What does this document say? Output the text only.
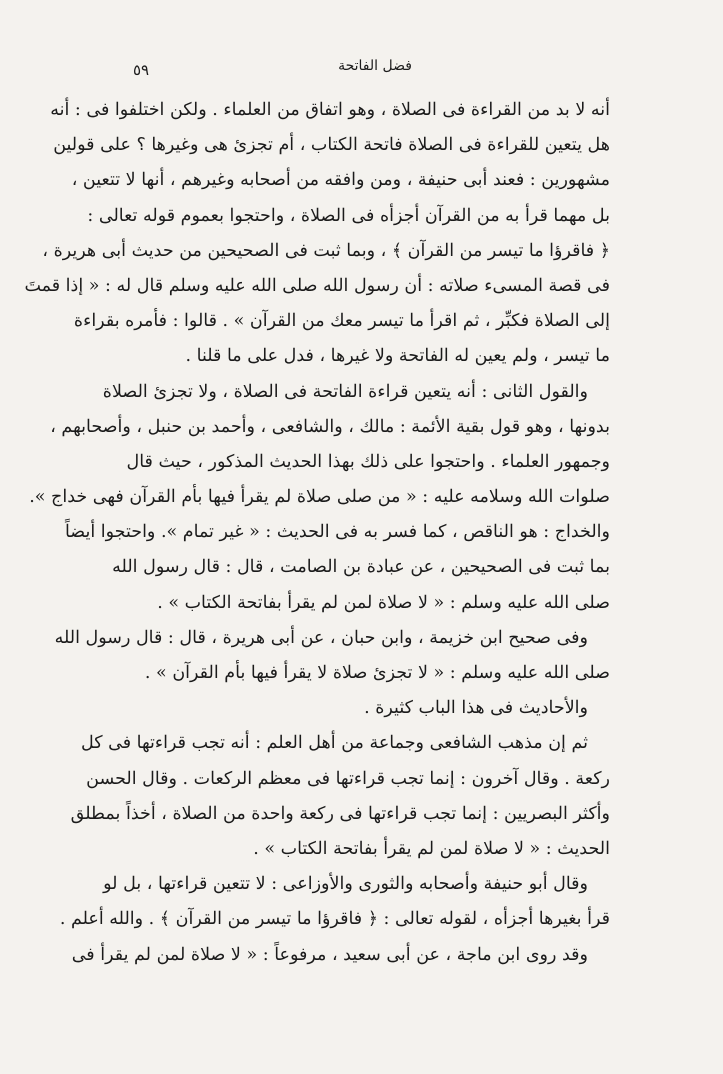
فضل الفاتحة
٥٩
أنه لا بد من القراءة فى الصلاة ، وهو اتفاق من العلماء . ولكن اختلفوا فى : أنه
هل يتعين للقراءة فى الصلاة فاتحة الكتاب ، أم تجزئ هى وغيرها ؟ على قولين
مشهورين : فعند أبى حنيفة ، ومن وافقه من أصحابه وغيرهم ، أنها لا تتعين ،
بل مهما قرأ به من القرآن أجزأه فى الصلاة ، واحتجوا بعموم قوله تعالى :
﴿ فاقرؤا ما تيسر من القرآن ﴾ ، وبما ثبت فى الصحيحين من حديث أبى هريرة ،
فى قصة المسىء صلاته : أن رسول الله صلى الله عليه وسلم قال له : « إذا قمتَ
إلى الصلاة فكبِّر ، ثم اقرأ ما تيسر معك من القرآن » . قالوا : فأمره بقراءة
ما تيسر ، ولم يعين له الفاتحة ولا غيرها ، فدل على ما قلنا .
والقول الثانى : أنه يتعين قراءة الفاتحة فى الصلاة ، ولا تجزئ الصلاة
بدونها ، وهو قول بقية الأئمة : مالك ، والشافعى ، وأحمد بن حنبل ، وأصحابهم ،
وجمهور العلماء . واحتجوا على ذلك بهذا الحديث المذكور ، حيث قال
صلوات الله وسلامه عليه : « من صلى صلاة لم يقرأ فيها بأم القرآن فهى خداج ».
والخداج : هو الناقص ، كما فسر به فى الحديث : « غير تمام ». واحتجوا أيضاً
بما ثبت فى الصحيحين ، عن عبادة بن الصامت ، قال : قال رسول الله
صلى الله عليه وسلم : « لا صلاة لمن لم يقرأ بفاتحة الكتاب » .
وفى صحيح ابن خزيمة ، وابن حبان ، عن أبى هريرة ، قال : قال رسول الله
صلى الله عليه وسلم : « لا تجزئ صلاة لا يقرأ فيها بأم القرآن » .
والأحاديث فى هذا الباب كثيرة .
ثم إن مذهب الشافعى وجماعة من أهل العلم : أنه تجب قراءتها فى كل
ركعة . وقال آخرون : إنما تجب قراءتها فى معظم الركعات . وقال الحسن
وأكثر البصريين : إنما تجب قراءتها فى ركعة واحدة من الصلاة ، أخذاً بمطلق
الحديث : « لا صلاة لمن لم يقرأ بفاتحة الكتاب » .
وقال أبو حنيفة وأصحابه والثورى والأوزاعى : لا تتعين قراءتها ، بل لو
قرأ بغيرها أجزأه ، لقوله تعالى : ﴿ فاقرؤا ما تيسر من القرآن ﴾ . والله أعلم .
وقد روى ابن ماجة ، عن أبى سعيد ، مرفوعاً : « لا صلاة لمن لم يقرأ فى
